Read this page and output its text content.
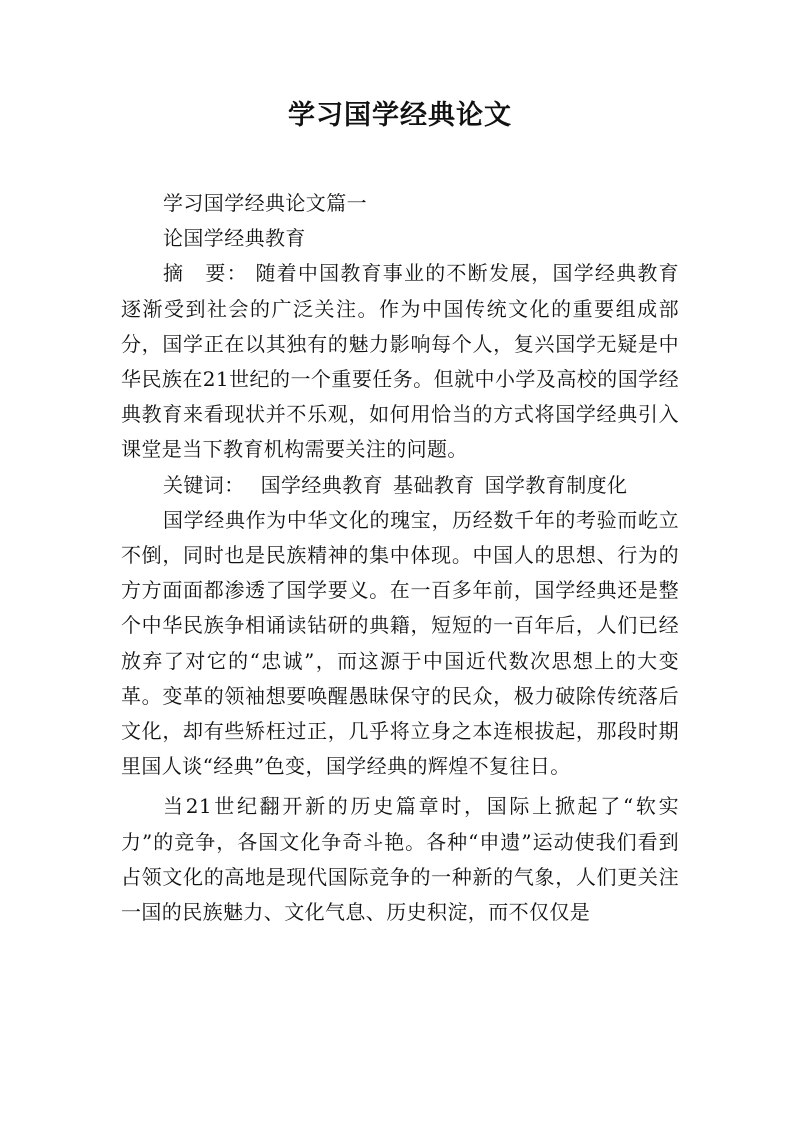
学习国学经典论文

学习国学经典论文篇一

论国学经典教育

摘　要： 随着中国教育事业的不断发展，国学经典教育逐渐受到社会的广泛关注。作为中国传统文化的重要组成部分，国学正在以其独有的魅力影响每个人，复兴国学无疑是中华民族在21世纪的一个重要任务。但就中小学及高校的国学经典教育来看现状并不乐观，如何用恰当的方式将国学经典引入课堂是当下教育机构需要关注的问题。

关键词： 国学经典教育 基础教育 国学教育制度化

国学经典作为中华文化的瑰宝，历经数千年的考验而屹立不倒，同时也是民族精神的集中体现。中国人的思想、行为的方方面面都渗透了国学要义。在一百多年前，国学经典还是整个中华民族争相诵读钻研的典籍，短短的一百年后，人们已经放弃了对它的“忠诚”，而这源于中国近代数次思想上的大变革。变革的领袖想要唤醒愚昧保守的民众，极力破除传统落后文化，却有些矫枉过正，几乎将立身之本连根拔起，那段时期里国人谈“经典”色变，国学经典的辉煌不复往日。

当21世纪翻开新的历史篇章时，国际上掀起了“软实力”的竞争，各国文化争奇斗艳。各种“申遗”运动使我们看到占领文化的高地是现代国际竞争的一种新的气象，人们更关注一国的民族魅力、文化气息、历史积淀，而不仅仅是
